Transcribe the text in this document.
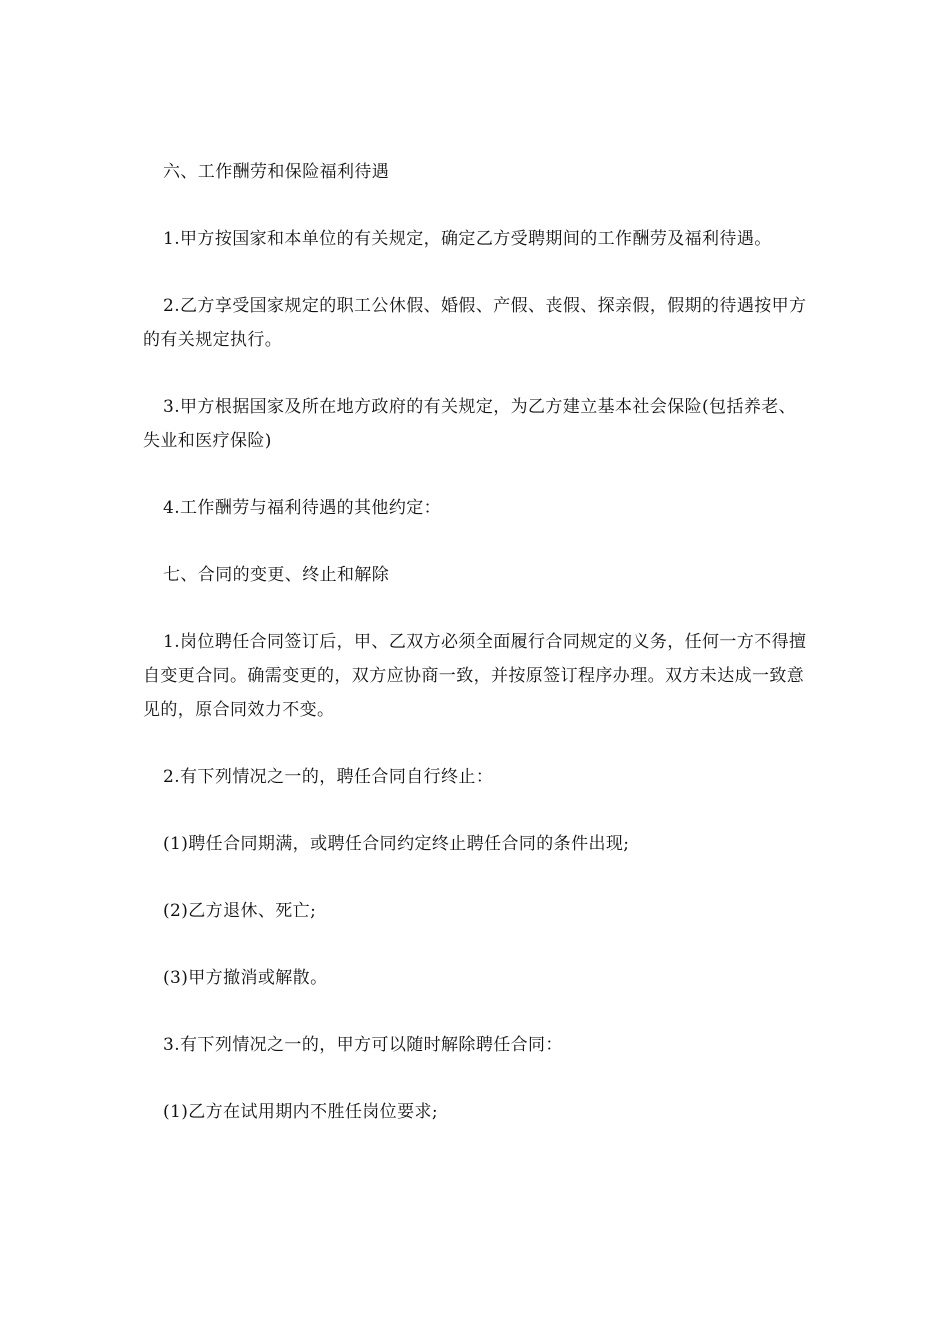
六、工作酬劳和保险福利待遇

1.甲方按国家和本单位的有关规定，确定乙方受聘期间的工作酬劳及福利待遇。

2.乙方享受国家规定的职工公休假、婚假、产假、丧假、探亲假，假期的待遇按甲方的有关规定执行。

3.甲方根据国家及所在地方政府的有关规定，为乙方建立基本社会保险(包括养老、失业和医疗保险)

4.工作酬劳与福利待遇的其他约定：

七、合同的变更、终止和解除

1.岗位聘任合同签订后，甲、乙双方必须全面履行合同规定的义务，任何一方不得擅自变更合同。确需变更的，双方应协商一致，并按原签订程序办理。双方未达成一致意见的，原合同效力不变。

2.有下列情况之一的，聘任合同自行终止：

(1)聘任合同期满，或聘任合同约定终止聘任合同的条件出现;

(2)乙方退休、死亡;

(3)甲方撤消或解散。

3.有下列情况之一的，甲方可以随时解除聘任合同：

(1)乙方在试用期内不胜任岗位要求;
